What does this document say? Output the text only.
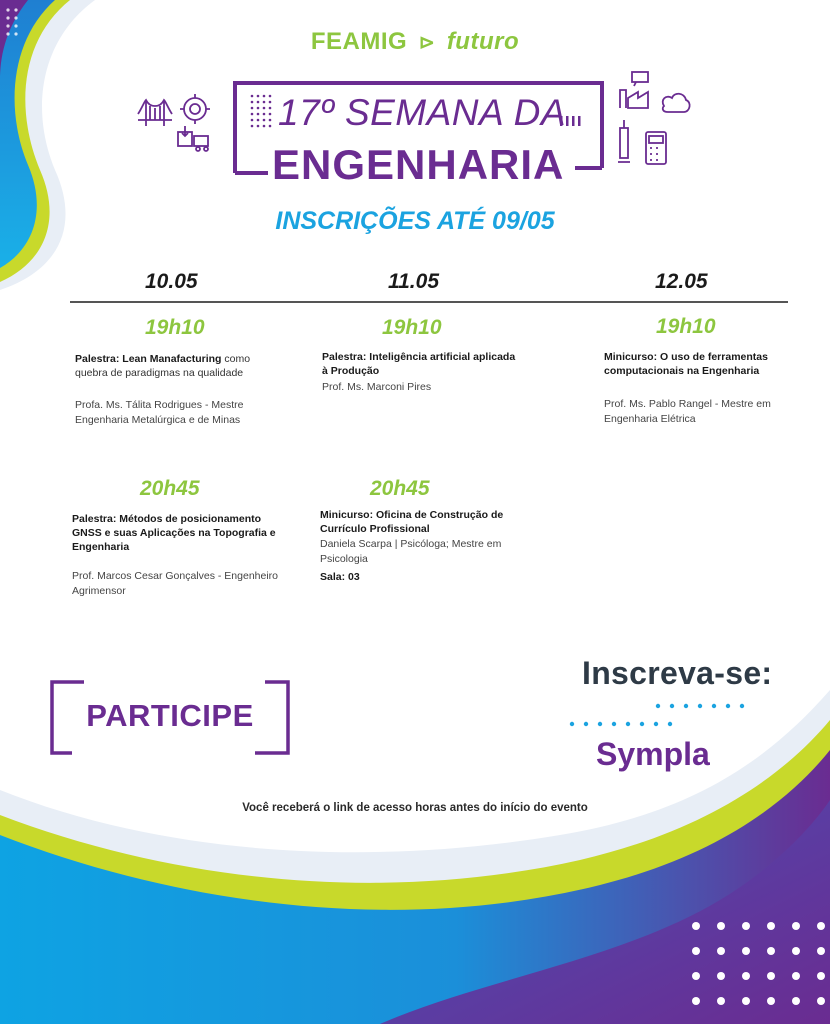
FEAMIG ⊳ futuro
17º SEMANA DA
ENGENHARIA
INSCRIÇÕES ATÉ 09/05
10.05	11.05	12.05
19h10
Palestra: Lean Manafacturing como quebra de paradigmas na qualidade
Profa. Ms. Tálita Rodrigues - Mestre Engenharia Metalúrgica e de Minas
20h45
Palestra: Métodos de posicionamento GNSS e suas Aplicações na Topografia e Engenharia
Prof. Marcos Cesar Gonçalves - Engenheiro Agrimensor
19h10
Palestra: Inteligência artificial aplicada à Produção
Prof. Ms. Marconi Pires
20h45
Minicurso: Oficina de Construção de Currículo Profissional
Daniela Scarpa | Psicóloga; Mestre em Psicologia
Sala: 03
19h10
Minicurso: O uso de ferramentas computacionais na Engenharia
Prof. Ms. Pablo Rangel - Mestre em Engenharia Elétrica
PARTICIPE
Inscreva-se:
Sympla
Você receberá o link de acesso horas antes do início do evento
